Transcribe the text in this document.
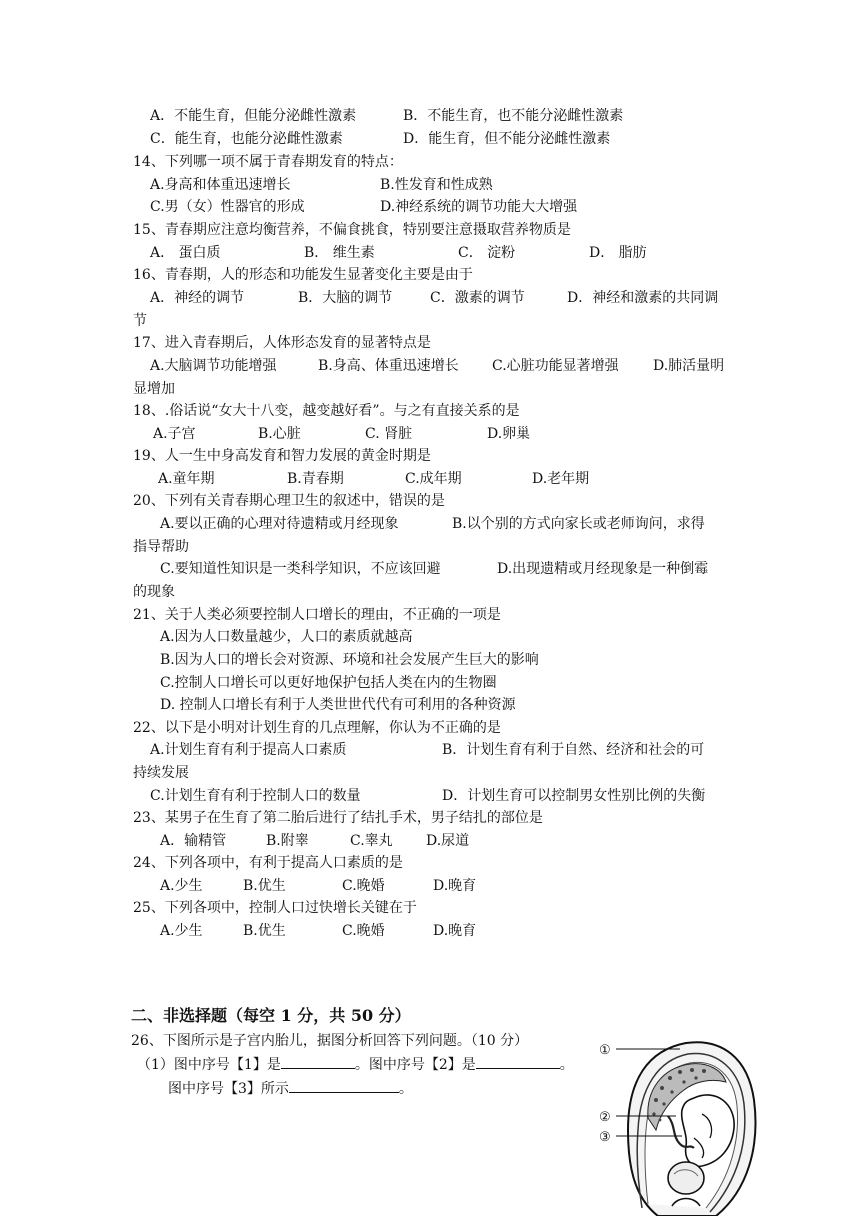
A．不能生育，但能分泌雌性激素	B．不能生育，也不能分泌雌性激素
C．能生育，也能分泌雌性激素	D．能生育，但不能分泌雌性激素
14、下列哪一项不属于青春期发育的特点：
A.身高和体重迅速增长	B.性发育和性成熟
C.男（女）性器官的形成	D.神经系统的调节功能大大增强
15、青春期应注意均衡营养，不偏食挑食，特别要注意摄取营养物质是
A． 蛋白质	B． 维生素	C． 淀粉	D． 脂肪
16、青春期，人的形态和功能发生显著变化主要是由于
A．神经的调节	B．大脑的调节	C．激素的调节	D．神经和激素的共同调
节
17、进入青春期后，人体形态发育的显著特点是
A.大脑调节功能增强	B.身高、体重迅速增长 C.心脏功能显著增强 D.肺活量明
显增加
18、.俗话说“女大十八变，越变越好看”。与之有直接关系的是
A.子宫	B.心脏	C. 肾脏	D.卵巢
19、人一生中身高发育和智力发展的黄金时期是
A.童年期	B.青春期	C.成年期	D.老年期
20、下列有关青春期心理卫生的叙述中，错误的是
A.要以正确的心理对待遗精或月经现象	B.以个别的方式向家长或老师询问，求得
指导帮助
C.要知道性知识是一类科学知识，不应该回避	D.出现遗精或月经现象是一种倒霉
的现象
21、关于人类必须要控制人口增长的理由，不正确的一项是
A.因为人口数量越少，人口的素质就越高
B.因为人口的增长会对资源、环境和社会发展产生巨大的影响
C.控制人口增长可以更好地保护包括人类在内的生物圈
D. 控制人口增长有利于人类世世代代有可利用的各种资源
22、以下是小明对计划生育的几点理解，你认为不正确的是
A.计划生育有利于提高人口素质	B．计划生育有利于自然、经济和社会的可
持续发展
C.计划生育有利于控制人口的数量	D．计划生育可以控制男女性别比例的失衡
23、某男子在生育了第二胎后进行了结扎手术，男子结扎的部位是
A．输精管	B.附睾	C.睾丸 D.尿道
24、下列各项中，有利于提高人口素质的是
A.少生	B.优生	C.晚婚	D.晚育
25、下列各项中，控制人口过快增长关键在于
A.少生	B.优生	C.晚婚	D.晚育
二、非选择题（每空 1 分，共 50 分）
26、下图所示是子宫内胎儿，据图分析回答下列问题。（10 分）
（1）图中序号【1】是	。图中序号【2】是	。
图中序号【3】所示	。
①
②
③
